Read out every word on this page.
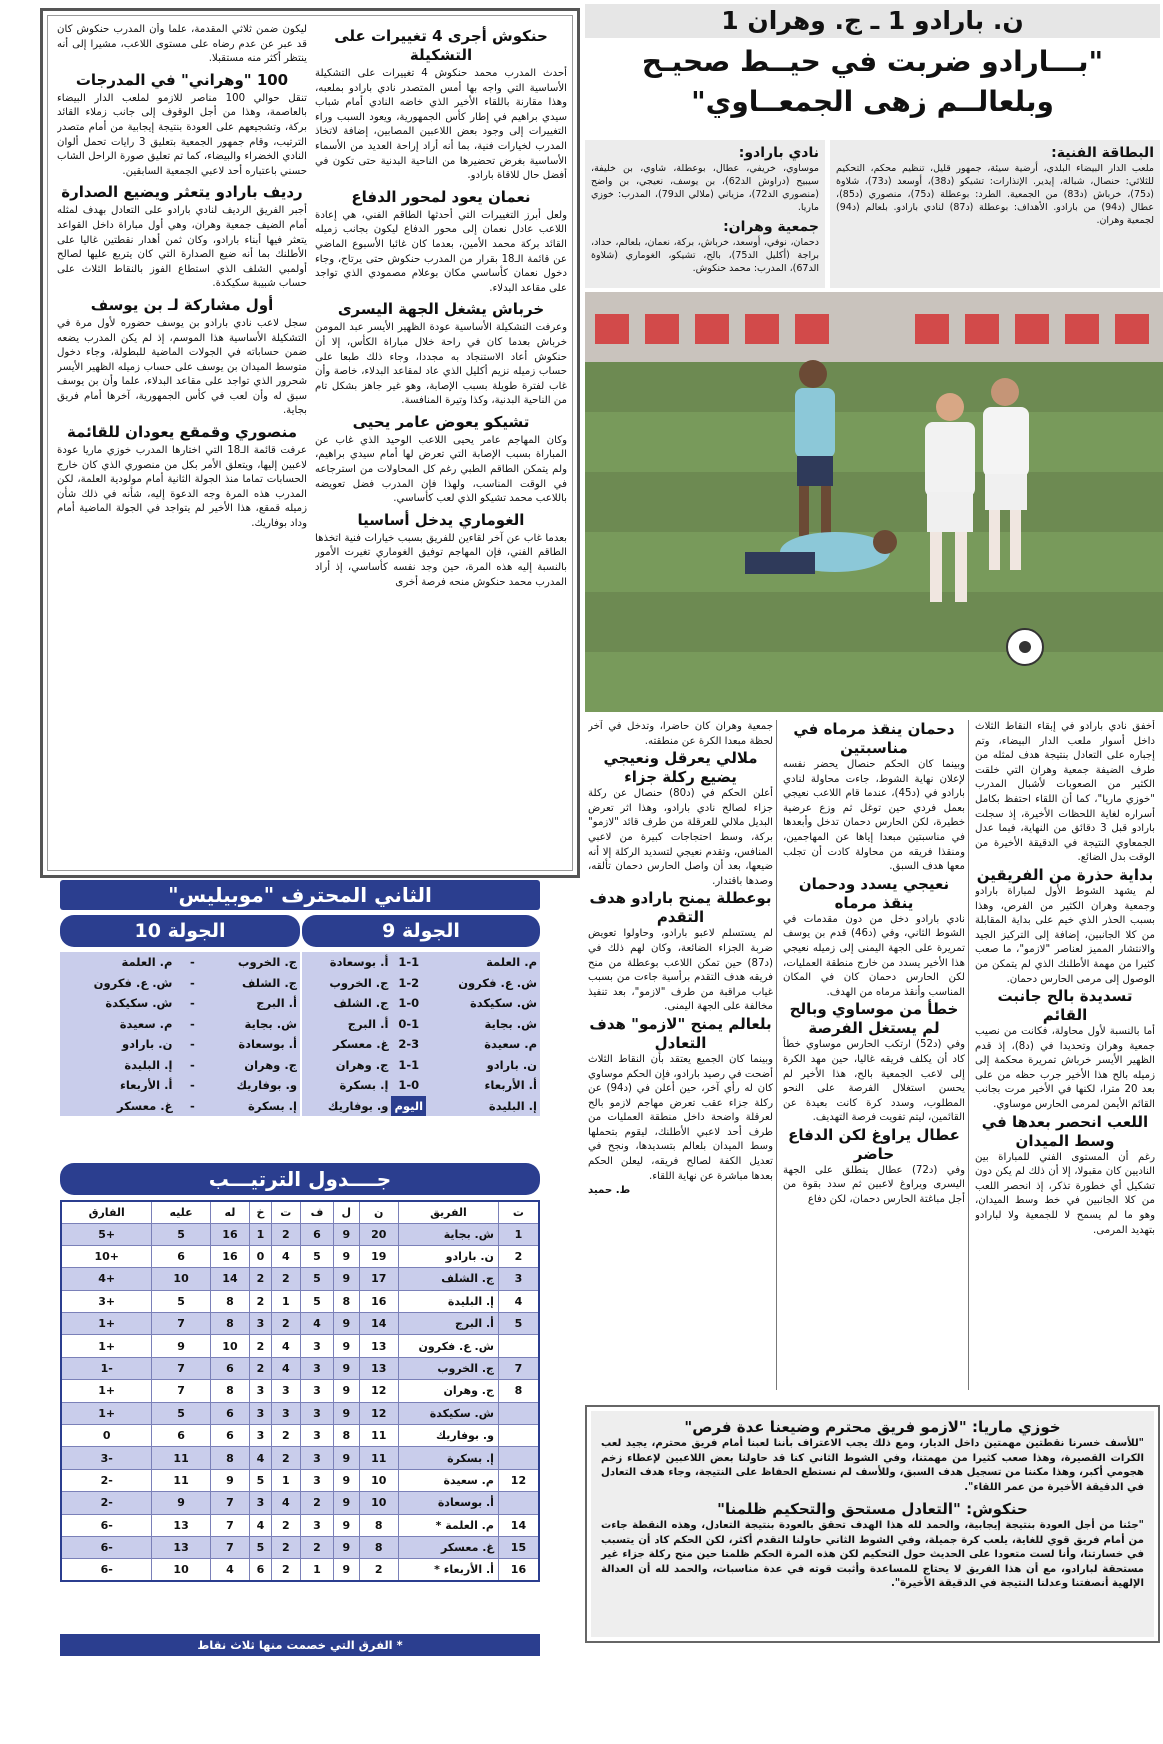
حنكوش أجرى 4 تغييرات على التشكيلة

أحدث المدرب محمد حنكوش 4 تغييرات على التشكيلة الأساسية التي واجه بها أمس المتصدر نادي بارادو بملعبه، وهذا مقارنة باللقاء الأخير الذي خاضه النادي أمام شباب سيدي براهيم في إطار كأس الجمهورية، ويعود السبب وراء التغييرات إلى وجود بعض اللاعبين المصابين، إضافة لاتخاذ المدرب لخيارات فنية، بما أنه أراد إراحة العديد من الأسماء الأساسية بغرض تحضيرها من الناحية البدنية حتى تكون في أفضل حال للاقاة بارادو.

نعمان يعود لمحور الدفاع

ولعل أبرز التغييرات التي أحدثها الطاقم الفني، هي إعادة اللاعب عادل نعمان إلى محور الدفاع ليكون بجانب زميله القائد بركة محمد الأمين، بعدما كان غائبا الأسبوع الماضي عن قائمة الـ18 بقرار من المدرب حنكوش حتى يرتاح، وجاء دخول نعمان كأساسي مكان بوعلام مصمودي الذي تواجد على مقاعد البدلاء.

خرباش يشغل الجهة اليسرى

وعرفت التشكيلة الأساسية عودة الظهير الأيسر عبد المومن خرباش بعدما كان في راحة خلال مباراة الكأس، إلا أن حنكوش أعاد الاستنجاد به مجددا، وجاء ذلك طبعا على حساب زميله نزيم أكليل الذي عاد لمقاعد البدلاء، خاصة وأن غاب لفترة طويلة بسبب الإصابة، وهو غير جاهز بشكل تام من الناحية البدنية، وكذا وتيرة المنافسة.

تشيكو يعوض عامر يحيى

وكان المهاجم عامر يحيى اللاعب الوحيد الذي غاب عن المباراة بسبب الإصابة التي تعرض لها أمام سيدي براهيم، ولم يتمكن الطاقم الطبي رغم كل المحاولات من استرجاعه في الوقت المناسب، ولهذا فإن المدرب فضل تعويضه باللاعب محمد تشيكو الذي لعب كأساسي.

الغوماري يدخل أساسيا

بعدما غاب عن آخر لقاءين للفريق بسبب خيارات فنية اتخذها الطاقم الفني، فإن المهاجم توفيق الغوماري تغيرت الأمور بالنسبة إليه هذه المرة، حين وجد نفسه كأساسي، إذ أراد المدرب محمد حنكوش منحه فرصة أخرى

ليكون ضمن ثلاثي المقدمة، علما وأن المدرب حنكوش كان قد عبر عن عدم رضاه على مستوى اللاعب، مشيرا إلى أنه ينتظر أكثر منه مستقبلا.

100 "وهراني" في المدرجات

تنقل حوالي 100 مناصر للازمو لملعب الدار البيضاء بالعاصمة، وهذا من أجل الوقوف إلى جانب زملاء القائد بركة، وتشجيعهم على العودة بنتيجة إيجابية من أمام متصدر الترتيب، وقام جمهور الجمعية بتعليق 3 رايات تحمل ألوان النادي الخضراء والبيضاء، كما تم تعليق صورة الراحل الشاب حسني باعتباره أحد لاعبي الجمعية السابقين.

رديف بارادو يتعثر ويضيع الصدارة

أجبر الفريق الرديف لنادي بارادو على التعادل بهدف لمثله أمام الضيف جمعية وهران، وهي أول مباراة داخل القواعد يتعثر فيها أبناء بارادو، وكان ثمن أهدار نقطتين غاليا على الأطلنك بما أنه ضيع الصدارة التي كان يتربع عليها لصالح أولمبي الشلف الذي استطاع الفوز بالنقاط الثلاث على حساب شبيبة سكيكدة.

أول مشاركة لـ بن يوسف

سجل لاعب نادي بارادو بن يوسف حضوره لأول مرة في التشكيلة الأساسية هذا الموسم، إذ لم يكن المدرب يضعه ضمن حساباته في الجولات الماضية للبطولة، وجاء دخول متوسط الميدان بن يوسف على حساب زميله الظهير الأيسر شحرور الذي تواجد على مقاعد البدلاء، علما وأن بن يوسف سبق له وأن لعب في كأس الجمهورية، آخرها أمام فريق بجاية.

منصوري وقمقع يعودان للقائمة

عرفت قائمة الـ18 التي اختارها المدرب خوزي ماريا عودة لاعبين إليها، ويتعلق الأمر بكل من منصوري الذي كان خارج الحسابات تماما منذ الجولة الثانية أمام مولودية العلمة، لكن المدرب هذه المرة وجه الدعوة إليه، شأنه في ذلك شأن زميله قمقع، هذا الأخير لم يتواجد في الجولة الماضية أمام وداد بوفاريك.

ن. بارادو 1 ـ ج. وهران 1
"بـــارادو ضربت في حيــط صحيـح
وبلعالــم زهى الجمعــاوي"
البطاقة الفنية:
ملعب الدار البيضاء البلدي، أرضية سيئة، جمهور قليل، تنظيم محكم، التحكيم للثلاثي: حنصال، شبالة، إيدير. الإنذارات: تشيكو (د38)، أوسعد (د73)، شلاوة (د75)، خرباش (د83) من الجمعية. الطرد: بوعطلة (د75)، منصوري (د85)، عطال (د94) من بارادو. الأهداف: بوعطلة (د87) لنادي بارادو. بلعالم (د94) لجمعية وهران.
نادي بارادو:
موساوي، خريفي، عطال، بوعطلة، شاوي، بن خليفة، سيبيح (دراوش الد62)، بن يوسف، نعيجي، بن واضح (منصوري الد72)، مزياني (ملالي الد79)، المدرب: خوزي ماريا.
جمعية وهران:
دحمان، نوفي، أوسعد، خرباش، بركة، نعمان، بلعالم، حداد، براجة (أكليل الد75)، بالح، تشيكو، الغوماري (شلاوة الد67)، المدرب: محمد حنكوش.

أخفق نادي بارادو في إبقاء النقاط الثلاث داخل أسوار ملعب الدار البيضاء، وتم إجباره على التعادل بنتيجة هدف لمثله من طرف الضيفة جمعية وهران التي خلقت الكثير من الصعوبات لأشبال المدرب "خوزي ماريا"، كما أن اللقاء احتفظ بكامل أسراره لغاية اللحظات الأخيرة، إذ سجلت بارادو قبل 3 دقائق من النهاية، فيما عدل الجمعاوي النتيجة في الدقيقة الأخيرة من الوقت بدل الضائع.

بداية حذرة من الفريقين

لم يشهد الشوط الأول لمباراة بارادو وجمعية وهران الكثير من الفرص، وهذا بسبب الحذر الذي خيم على بداية المقابلة من كلا الجانبين، إضافة إلى التركيز الجيد والانتشار المميز لعناصر "لازمو"، ما صعب كثيرا من مهمة الأطلنك الذي لم يتمكن من الوصول إلى مرمى الحارس دحمان.

تسديدة بالح جانبت القائم

أما بالنسبة لأول محاولة، فكانت من نصيب جمعية وهران وتحديدا في (د8)، إذ قدم الظهير الأيسر خرباش تمريرة محكمة إلى زميله بالح هذا الأخير جرب حظه من على بعد 20 مترا، لكنها في الأخير مرت بجانب القائم الأيمن لمرمى الحارس موساوي.

اللعب انحصر بعدها في وسط الميدان

رغم أن المستوى الفني للمباراة بين الناديين كان مقبولا، إلا أن ذلك لم يكن دون تشكيل أي خطورة تذكر، إذ انحصر اللعب من كلا الجانبين في خط وسط الميدان، وهو ما لم يسمح لا للجمعية ولا لبارادو بتهديد المرمى.

دحمان ينقذ مرماه في مناسبتين

وبينما كان الحكم حنصال يحضر نفسه لإعلان نهاية الشوط، جاءت محاولة لنادي بارادو في (د45)، عندما قام اللاعب نعيجي بعمل فردي حين توغل ثم وزع عرضية خطيرة، لكن الحارس دحمان تدخل وأبعدها في مناسبتين مبعدا إياها عن المهاجمين، ومنقذا فريقه من محاولة كادت أن تجلب معها هدف السبق.

نعيجي يسدد ودحمان ينقذ مرماه

نادي بارادو دخل من دون مقدمات في الشوط الثاني، وفي (د46) قدم بن يوسف تمريرة على الجهة اليمنى إلى زميله نعيجي هذا الأخير يسدد من خارج منطقة العمليات، لكن الحارس دحمان كان في المكان المناسب وأنقذ مرماه من الهدف.

خطأ من موساوي وبالح لم يستغل الفرصة

وفي (د52) ارتكب الحارس موساوي خطأ كاد أن يكلف فريقه غاليا، حين مهد الكرة إلى لاعب الجمعية بالح، هذا الأخير لم يحسن استغلال الفرصة على النحو المطلوب، وسدد كرة كانت بعيدة عن القائمين، ليتم تفويت فرصة التهديف.

عطال يراوغ لكن الدفاع حاضر

وفي (د72) عطال ينطلق على الجهة اليسرى ويراوغ لاعبين ثم سدد بقوة من أجل مباغتة الحارس دحمان، لكن دفاع

جمعية وهران كان حاضرا، وتدخل في آخر لحظة مبعدا الكرة عن منطقته.

ملالي يعرقل ونعيجي يضيع ركلة جزاء

أعلن الحكم في (د80) حنصال عن ركلة جزاء لصالح نادي بارادو، وهذا اثر تعرض البديل ملالي للعرقلة من طرف قائد "لازمو" بركة، وسط احتجاجات كبيرة من لاعبي المنافس، وتقدم نعيجي لتسديد الركلة إلا أنه ضيعها، بعد أن واصل الحارس دحمان تألقه، وصدها باقتدار.

بوعطلة يمنح بارادو هدف التقدم

لم يستسلم لاعبو بارادو، وحاولوا تعويض ضربة الجزاء الضائعة، وكان لهم ذلك في (د87) حين تمكن اللاعب بوعطلة من منح فريقه هدف التقدم برأسية جاءت من بسبب غياب مراقبة من طرف "لازمو"، بعد تنفيذ مخالفة على الجهة اليمنى.

بلعالم يمنح "لازمو" هدف التعادل

وبينما كان الجميع يعتقد بأن النقاط الثلاث أضحت في رصيد بارادو، فإن الحكم موساوي كان له رأي آخر، حين أعلن في (د94) عن ركلة جزاء عقب تعرض مهاجم لازمو بالح لعرقلة واضحة داخل منطقة العمليات من طرف أحد لاعبي الأطلنك، ليقوم بتحملها وسط الميدان بلعالم بتسديدها، ونجح في تعديل الكفة لصالح فريقه، ليعلن الحكم بعدها مباشرة عن نهاية اللقاء.

ط. حميد

خوزي ماريا: "لازمو فريق محترم وضيعنا عدة فرص"

"للأسف خسرنا نقطتين مهمتين داخل الديار، ومع ذلك يجب الاعتراف بأننا لعبنا أمام فريق محترم، يجيد لعب الكرات القصيرة، وهذا صعب كثيرا من مهمتنا، وفي الشوط الثاني كنا قد حاولنا بعض اللاعبين لإعطاء زخم هجومي أكبر، وهذا مكننا من تسجيل هدف السبق، وللأسف لم نستطع الحفاظ على النتيجة، وجاء هدف التعادل في الدقيقة الأخيرة من عمر اللقاء".

حنكوش: "التعادل مستحق والتحكيم ظلمنا"

"جئنا من أجل العودة بنتيجة إيجابية، والحمد لله هذا الهدف تحقق بالعودة بنتيجة التعادل، وهذه النقطة جاءت من أمام فريق قوي للغاية، يلعب كرة جميلة، وفي الشوط الثاني حاولنا التقدم أكثر، لكن الحكم كاد أن يتسبب في خسارتنا، وأنا لست متعودا على الحديث حول التحكيم لكن هذه المرة الحكم ظلمنا حين منح ركلة جزاء غير مستحقة لبارادو، مع أن هذا الفريق لا يحتاج للمساعدة وأثبت قوته في عدة مناسبات، والحمد لله أن العدالة الإلهية أنصفتنا وعدلنا النتيجة في الدقيقة الأخيرة".

الثاني المحترف "موبيليس"
الجولة 9
الجولة 10
م. العلمة	1-1	أ. بوسعادة
ش. ع. فكرون	1-2	ج. الخروب
ش. سكيكدة	1-0	ج. الشلف
ش. بجاية	0-1	أ. البرج
م. سعيدة	2-3	غ. معسكر
ن. بارادو	1-1	ج. وهران
أ. الأربعاء	1-0	إ. بسكرة
إ. البليدة	اليوم	و. بوفاريك
ج. الخروب	-	م. العلمة
ج. الشلف	-	ش. ع. فكرون
أ. البرج	-	ش. سكيكدة
ش. بجاية	-	م. سعيدة
أ. بوسعادة	-	ن. بارادو
ج. وهران	-	إ. البليدة
و. بوفاريك	-	أ. الأربعاء
إ. بسكرة	-	غ. معسكر
جــــدول الترتيـــب
ت	الفريق	ن	ل	ف	ت	خ	له	عليه	الفارق
1	ش. بجاية	20	9	6	2	1	16	5	+5
2	ن. بارادو	19	9	5	4	0	16	6	+10
3	ج. الشلف	17	9	5	2	2	14	10	+4
4	إ. البليدة	16	8	5	1	2	8	5	+3
5	أ. البرج	14	9	4	2	3	8	7	+1
	ش. ع. فكرون	13	9	3	4	2	10	9	+1
7	ج. الخروب	13	9	3	4	2	6	7	-1
8	ج. وهران	12	9	3	3	3	8	7	+1
	ش. سكيكدة	12	9	3	3	3	6	5	+1
	و. بوفاريك	11	8	3	2	3	6	6	0
	إ. بسكرة	11	9	3	2	4	8	11	-3
12	م. سعيدة	10	9	3	1	5	9	11	-2
	أ. بوسعادة	10	9	2	4	3	7	9	-2
14	م. العلمة *	8	9	3	2	4	7	13	-6
15	غ. معسكر	8	9	2	2	5	7	13	-6
16	أ. الأربعاء *	2	9	1	2	6	4	10	-6
* الفرق التي خصمت منها ثلاث نقاط
